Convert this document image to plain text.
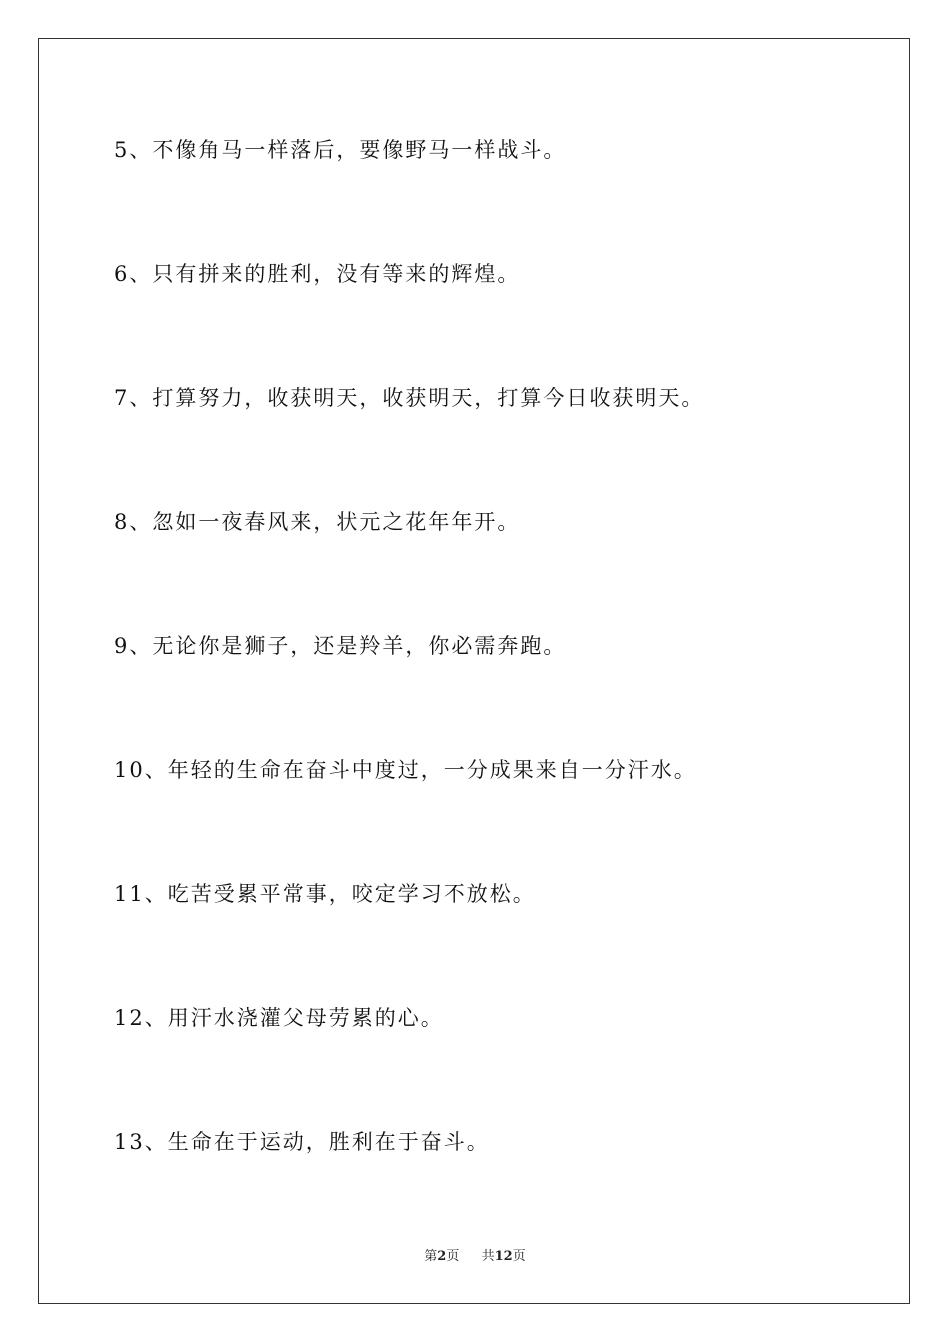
5、不像角马一样落后，要像野马一样战斗。
6、只有拼来的胜利，没有等来的辉煌。
7、打算努力，收获明天，收获明天，打算今日收获明天。
8、忽如一夜春风来，状元之花年年开。
9、无论你是狮子，还是羚羊，你必需奔跑。
10、年轻的生命在奋斗中度过，一分成果来自一分汗水。
11、吃苦受累平常事，咬定学习不放松。
12、用汗水浇灌父母劳累的心。
13、生命在于运动，胜利在于奋斗。
第2页 共12页
